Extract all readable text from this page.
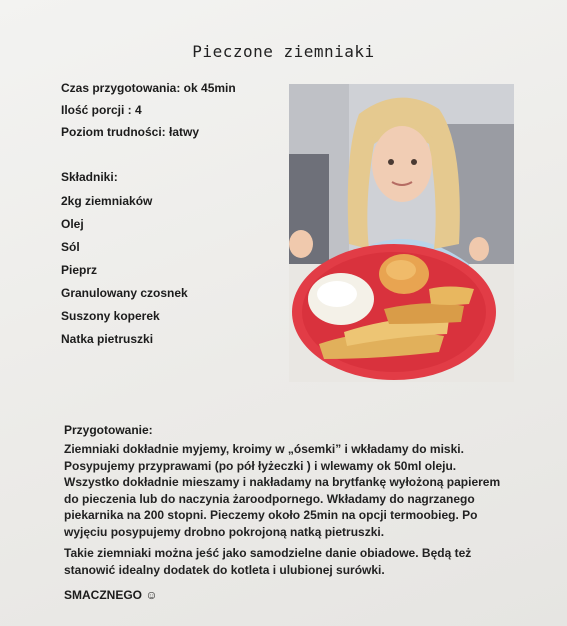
Pieczone ziemniaki
Czas przygotowania: ok 45min
Ilość porcji : 4
Poziom trudności: łatwy
Składniki:
2kg ziemniaków
Olej
Sól
Pieprz
Granulowany czosnek
Suszony koperek
Natka pietruszki
Przygotowanie:
Ziemniaki dokładnie myjemy, kroimy w „ósemki” i wkładamy do miski. Posypujemy przyprawami (po pół łyżeczki ) i wlewamy ok 50ml oleju. Wszystko dokładnie mieszamy i nakładamy na brytfankę wyłożoną papierem do pieczenia lub do naczynia żaroodpornego. Wkładamy do nagrzanego piekarnika na 200 stopni. Pieczemy około 25min na opcji termoobieg. Po wyjęciu posypujemy drobno pokrojoną natką pietruszki.
Takie ziemniaki można jeść jako samodzielne danie obiadowe. Będą też stanowić idealny dodatek do kotleta i ulubionej surówki.
SMACZNEGO ☺
